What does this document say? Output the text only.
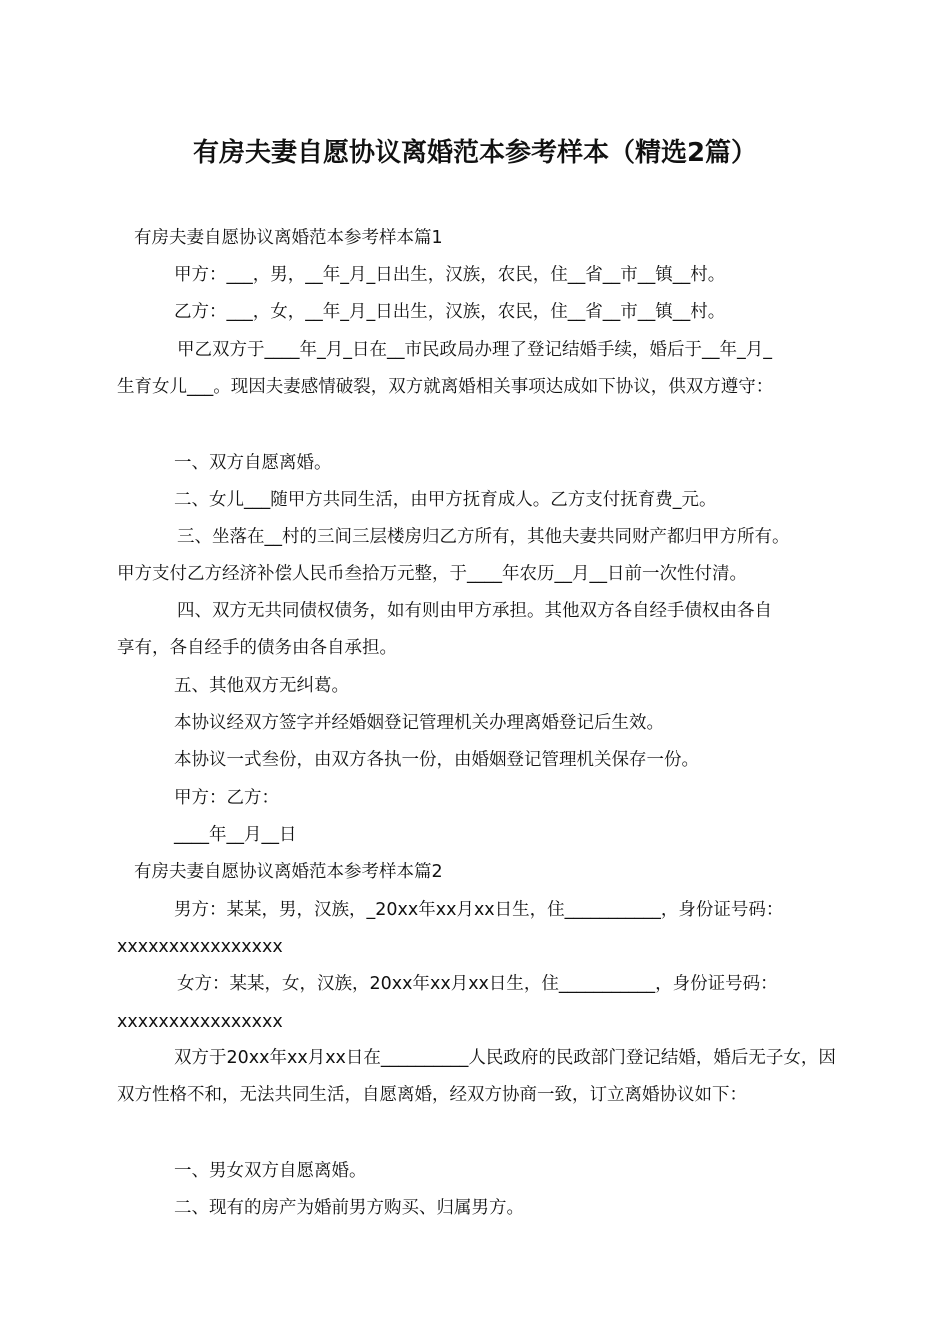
有房夫妻自愿协议离婚范本参考样本（精选2篇）
有房夫妻自愿协议离婚范本参考样本篇1
甲方：___，男，__年_月_日出生，汉族，农民，住__省__市__镇__村。
乙方：___，女，__年_月_日出生，汉族，农民，住__省__市__镇__村。
甲乙双方于____年_月_日在__市民政局办理了登记结婚手续，婚后于__年_月_
生育女儿___。现因夫妻感情破裂，双方就离婚相关事项达成如下协议，供双方遵守：
一、双方自愿离婚。
二、女儿___随甲方共同生活，由甲方抚育成人。乙方支付抚育费_元。
三、坐落在__村的三间三层楼房归乙方所有，其他夫妻共同财产都归甲方所有。
甲方支付乙方经济补偿人民币叁拾万元整，于____年农历__月__日前一次性付清。
四、双方无共同债权债务，如有则由甲方承担。其他双方各自经手债权由各自
享有，各自经手的债务由各自承担。
五、其他双方无纠葛。
本协议经双方签字并经婚姻登记管理机关办理离婚登记后生效。
本协议一式叁份，由双方各执一份，由婚姻登记管理机关保存一份。
甲方：乙方：
____年__月__日
有房夫妻自愿协议离婚范本参考样本篇2
男方：某某，男，汉族，_20xx年xx月xx日生，住___________，身份证号码：
xxxxxxxxxxxxxxxx
女方：某某，女，汉族，20xx年xx月xx日生，住___________，身份证号码：
xxxxxxxxxxxxxxxx
双方于20xx年xx月xx日在__________人民政府的民政部门登记结婚，婚后无子女，因双方性格不和，无法共同生活，自愿离婚，经双方协商一致，订立离婚协议如下：
一、男女双方自愿离婚。
二、现有的房产为婚前男方购买、归属男方。
